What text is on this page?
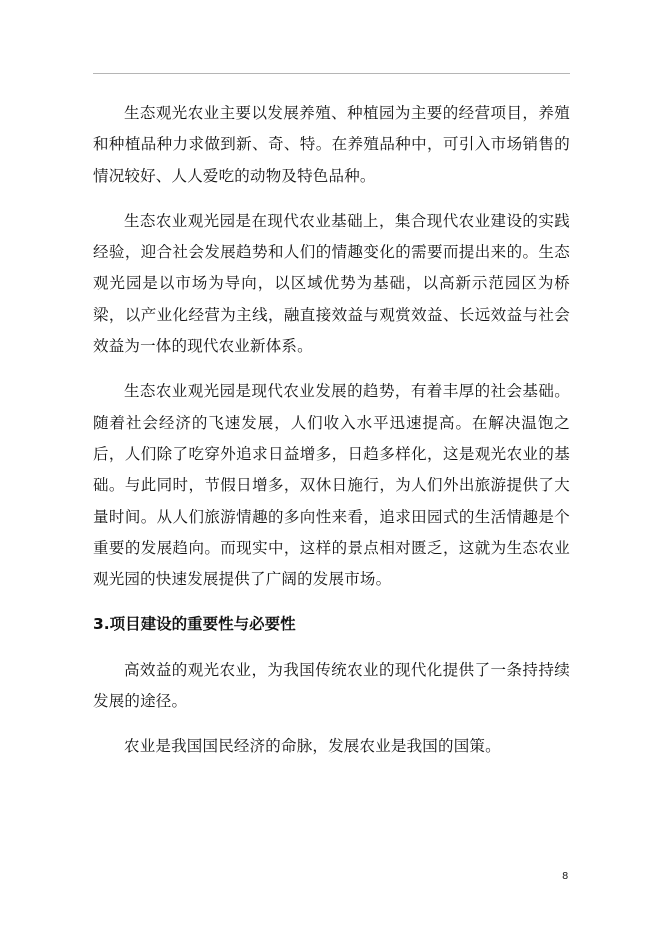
生态观光农业主要以发展养殖、种植园为主要的经营项目，养殖和种植品种力求做到新、奇、特。在养殖品种中，可引入市场销售的情况较好、人人爱吃的动物及特色品种。

生态农业观光园是在现代农业基础上，集合现代农业建设的实践经验，迎合社会发展趋势和人们的情趣变化的需要而提出来的。生态观光园是以市场为导向，以区域优势为基础，以高新示范园区为桥梁，以产业化经营为主线，融直接效益与观赏效益、长远效益与社会效益为一体的现代农业新体系。

生态农业观光园是现代农业发展的趋势，有着丰厚的社会基础。随着社会经济的飞速发展，人们收入水平迅速提高。在解决温饱之后，人们除了吃穿外追求日益增多，日趋多样化，这是观光农业的基础。与此同时，节假日增多，双休日施行，为人们外出旅游提供了大量时间。从人们旅游情趣的多向性来看，追求田园式的生活情趣是个重要的发展趋向。而现实中，这样的景点相对匮乏，这就为生态农业观光园的快速发展提供了广阔的发展市场。

3.项目建设的重要性与必要性

高效益的观光农业，为我国传统农业的现代化提供了一条持持续发展的途径。

农业是我国国民经济的命脉，发展农业是我国的国策。

8
